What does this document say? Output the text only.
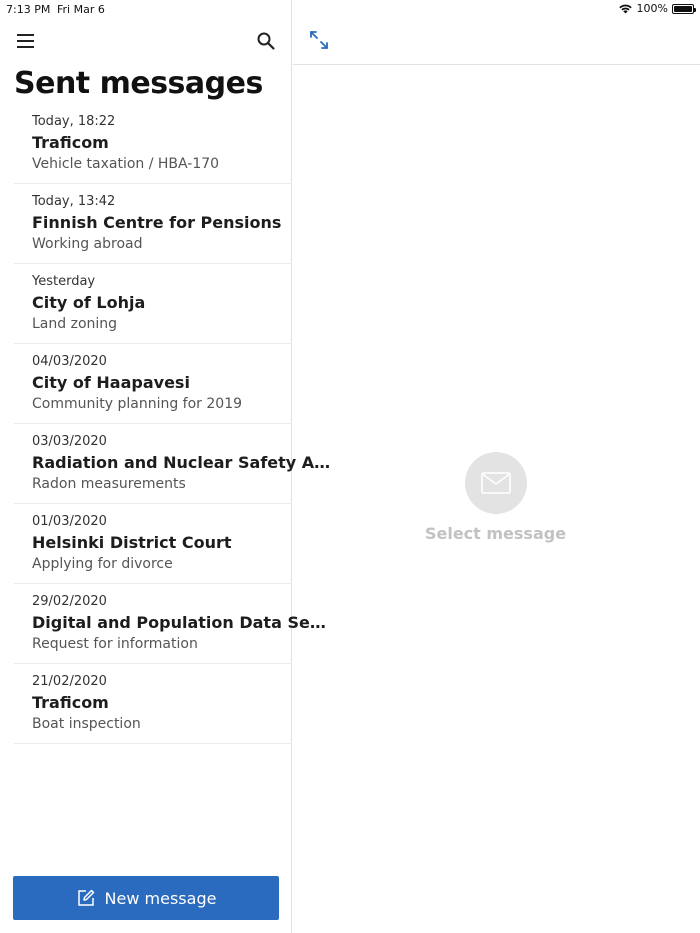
7:13 PM Fri Mar 6	100%
Sent messages
Today, 18:22
Traficom
Vehicle taxation / HBA-170
Today, 13:42
Finnish Centre for Pensions
Working abroad
Yesterday
City of Lohja
Land zoning
04/03/2020
City of Haapavesi
Community planning for 2019
03/03/2020
Radiation and Nuclear Safety A…
Radon measurements
01/03/2020
Helsinki District Court
Applying for divorce
29/02/2020
Digital and Population Data Se…
Request for information
21/02/2020
Traficom
Boat inspection
New message
Select message
